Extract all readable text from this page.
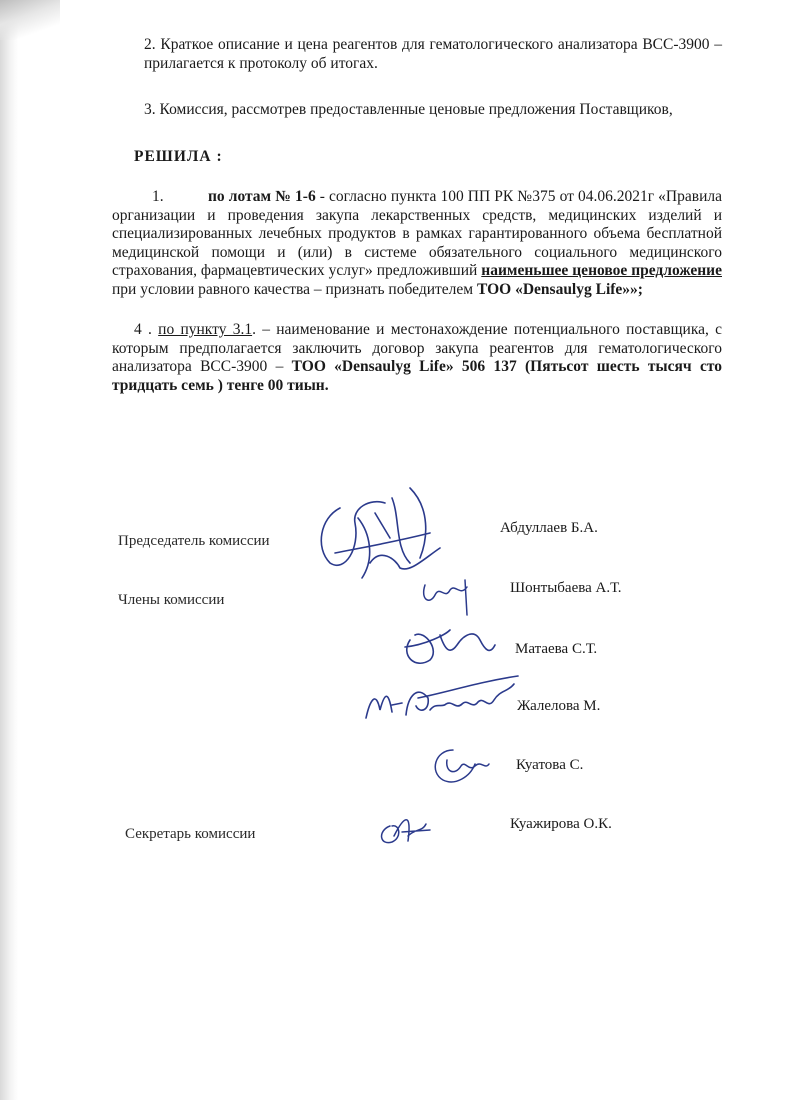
2. Краткое описание и цена реагентов для гематологического анализатора ВСС-3900 – прилагается к протоколу об итогах.
3. Комиссия, рассмотрев предоставленные ценовые предложения Поставщиков,
РЕШИЛА :
1.	по лотам № 1-6 - согласно пункта 100 ПП РК №375 от 04.06.2021г «Правила организации и проведения закупа лекарственных средств, медицинских изделий и специализированных лечебных продуктов в рамках гарантированного объема бесплатной медицинской помощи и (или) в системе обязательного социального медицинского страхования, фармацевтических услуг» предложивший наименьшее ценовое предложение при условии равного качества – признать победителем ТОО «Densaulyg Life»»;
4 . по пункту 3.1. – наименование и местонахождение потенциального поставщика, с которым предполагается заключить договор закупа реагентов для гематологического анализатора ВСС-3900 – ТОО «Densaulyg Life» 506 137 (Пятьсот шесть тысяч сто тридцать семь ) тенге 00 тиын.
Председатель комиссии
Абдуллаев Б.А.
Члены комиссии
Шонтыбаева А.Т.
Матаева С.Т.
Жалелова М.
Куатова С.
Секретарь комиссии
Куажирова О.К.
